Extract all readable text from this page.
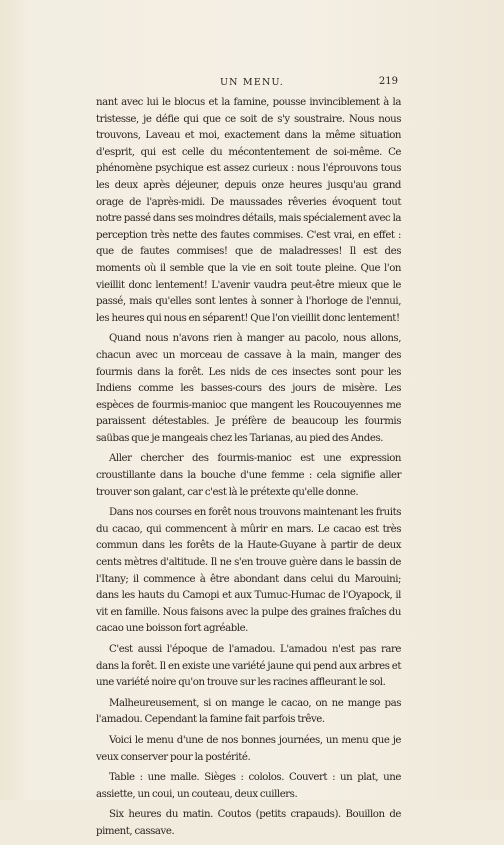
UN MENU.	219

nant avec lui le blocus et la famine, pousse invinciblement à la tristesse, je défie qui que ce soit de s'y soustraire. Nous nous trouvons, Laveau et moi, exactement dans la même situation d'esprit, qui est celle du mécontentement de soi-même. Ce phénomène psychique est assez curieux : nous l'éprouvons tous les deux après déjeuner, depuis onze heures jusqu'au grand orage de l'après-midi. De maussades rêveries évoquent tout notre passé dans ses moindres détails, mais spécialement avec la perception très nette des fautes commises. C'est vrai, en effet : que de fautes commises! que de maladresses! Il est des moments où il semble que la vie en soit toute pleine. Que l'on vieillit donc lentement! L'avenir vaudra peut-être mieux que le passé, mais qu'elles sont lentes à sonner à l'horloge de l'ennui, les heures qui nous en séparent! Que l'on vieillit donc lentement!

Quand nous n'avons rien à manger au pacolo, nous allons, chacun avec un morceau de cassave à la main, manger des fourmis dans la forêt. Les nids de ces insectes sont pour les Indiens comme les basses-cours des jours de misère. Les espèces de fourmis-manioc que mangent les Roucouyennes me paraissent détestables. Je préfère de beaucoup les fourmis saübas que je mangeais chez les Tarianas, au pied des Andes.

Aller chercher des fourmis-manioc est une expression croustillante dans la bouche d'une femme : cela signifie aller trouver son galant, car c'est là le prétexte qu'elle donne.

Dans nos courses en forêt nous trouvons maintenant les fruits du cacao, qui commencent à mûrir en mars. Le cacao est très commun dans les forêts de la Haute-Guyane à partir de deux cents mètres d'altitude. Il ne s'en trouve guère dans le bassin de l'Itany; il commence à être abondant dans celui du Marouini; dans les hauts du Camopi et aux Tumuc-Humac de l'Oyapock, il vit en famille. Nous faisons avec la pulpe des graines fraîches du cacao une boisson fort agréable.

C'est aussi l'époque de l'amadou. L'amadou n'est pas rare dans la forêt. Il en existe une variété jaune qui pend aux arbres et une variété noire qu'on trouve sur les racines affleurant le sol.

Malheureusement, si on mange le cacao, on ne mange pas l'amadou. Cependant la famine fait parfois trêve.

Voici le menu d'une de nos bonnes journées, un menu que je veux conserver pour la postérité.

Table : une malle. Sièges : cololos. Couvert : un plat, une assiette, un coui, un couteau, deux cuillers.

Six heures du matin. Coutos (petits crapauds). Bouillon de piment, cassave.
